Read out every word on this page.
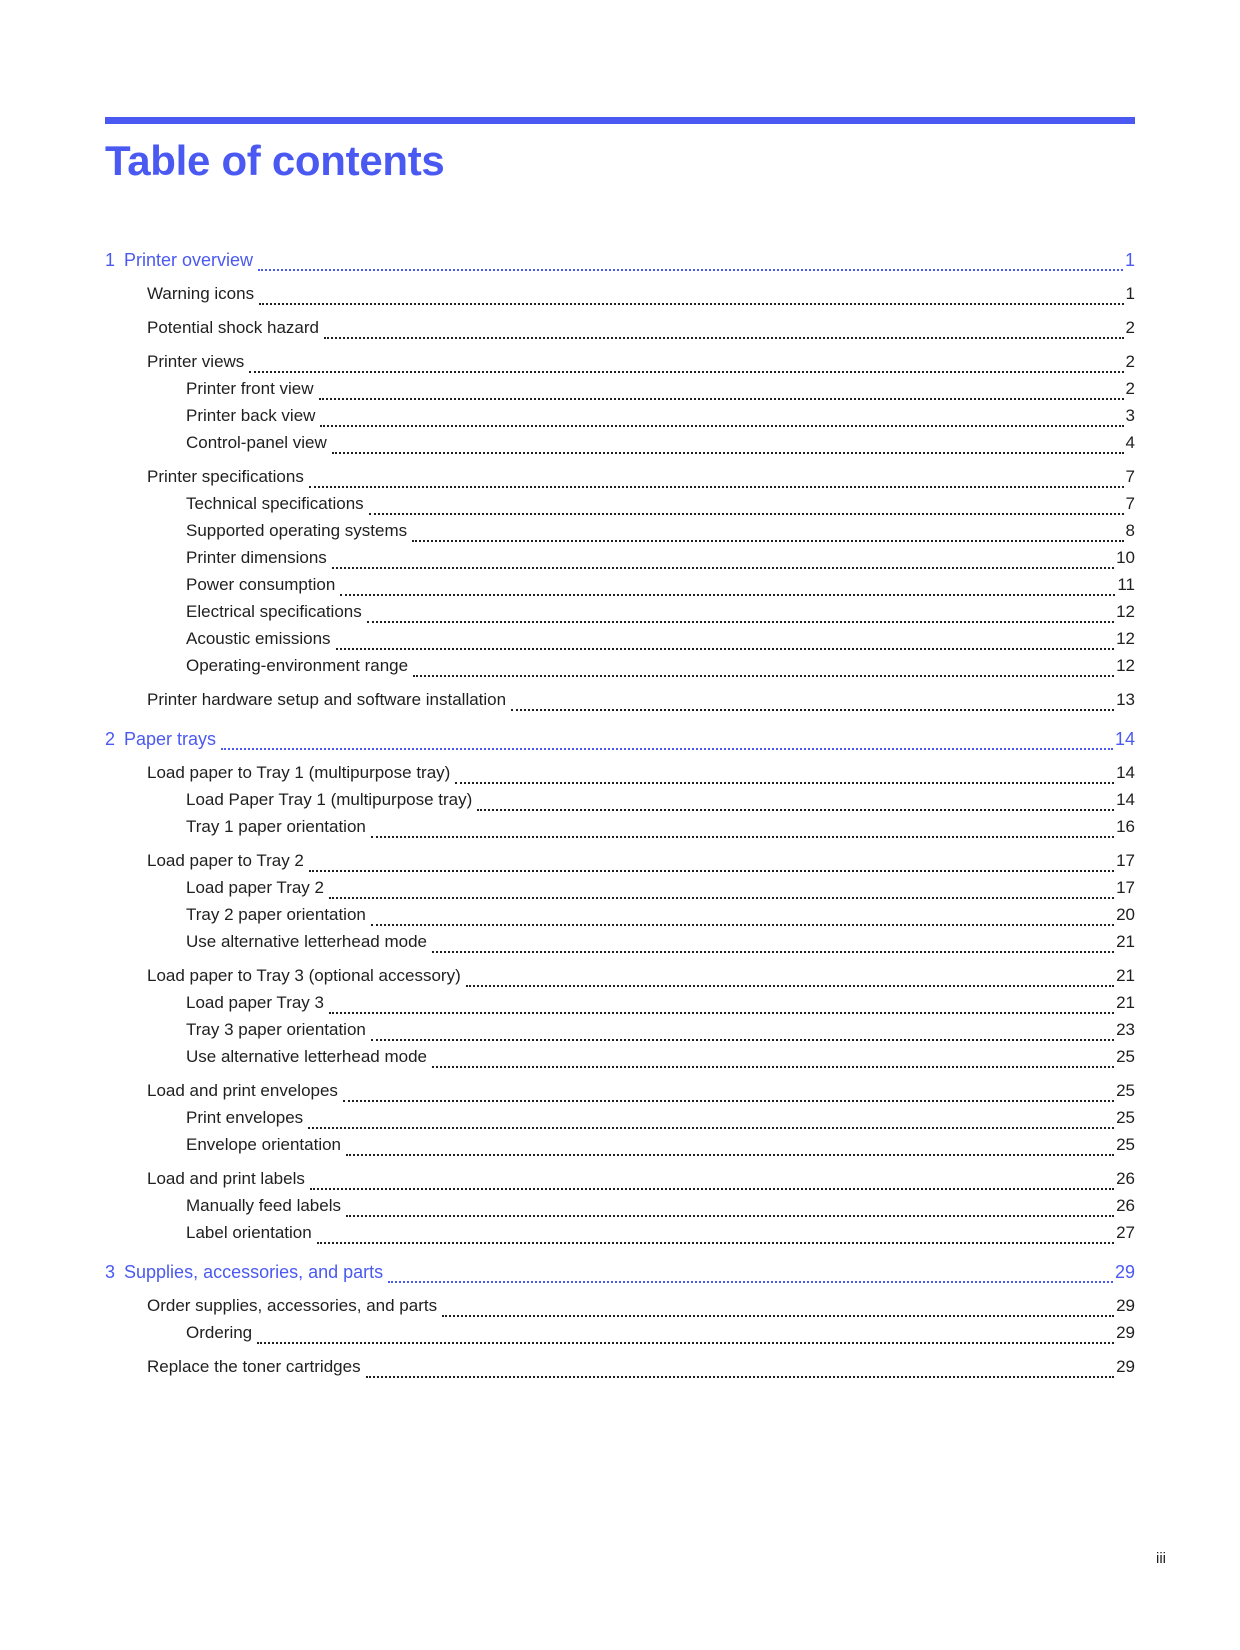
Table of contents
1 Printer overview	1
Warning icons	1
Potential shock hazard	2
Printer views	2
Printer front view	2
Printer back view	3
Control-panel view	4
Printer specifications	7
Technical specifications	7
Supported operating systems	8
Printer dimensions	10
Power consumption	11
Electrical specifications	12
Acoustic emissions	12
Operating-environment range	12
Printer hardware setup and software installation	13
2 Paper trays	14
Load paper to Tray 1 (multipurpose tray)	14
Load Paper Tray 1 (multipurpose tray)	14
Tray 1 paper orientation	16
Load paper to Tray 2	17
Load paper Tray 2	17
Tray 2 paper orientation	20
Use alternative letterhead mode	21
Load paper to Tray 3 (optional accessory)	21
Load paper Tray 3	21
Tray 3 paper orientation	23
Use alternative letterhead mode	25
Load and print envelopes	25
Print envelopes	25
Envelope orientation	25
Load and print labels	26
Manually feed labels	26
Label orientation	27
3 Supplies, accessories, and parts	29
Order supplies, accessories, and parts	29
Ordering	29
Replace the toner cartridges	29
iii
